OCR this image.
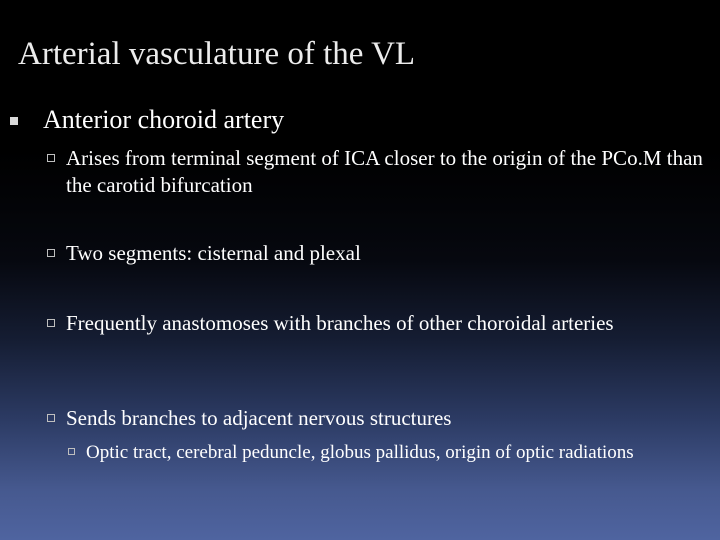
Arterial vasculature of the VL
Anterior choroid artery
Arises from terminal segment of ICA closer to the origin of the PCo.M than the carotid bifurcation
Two segments: cisternal and plexal
Frequently anastomoses with branches of other choroidal arteries
Sends branches to adjacent nervous structures
Optic tract, cerebral peduncle, globus pallidus, origin of optic radiations
